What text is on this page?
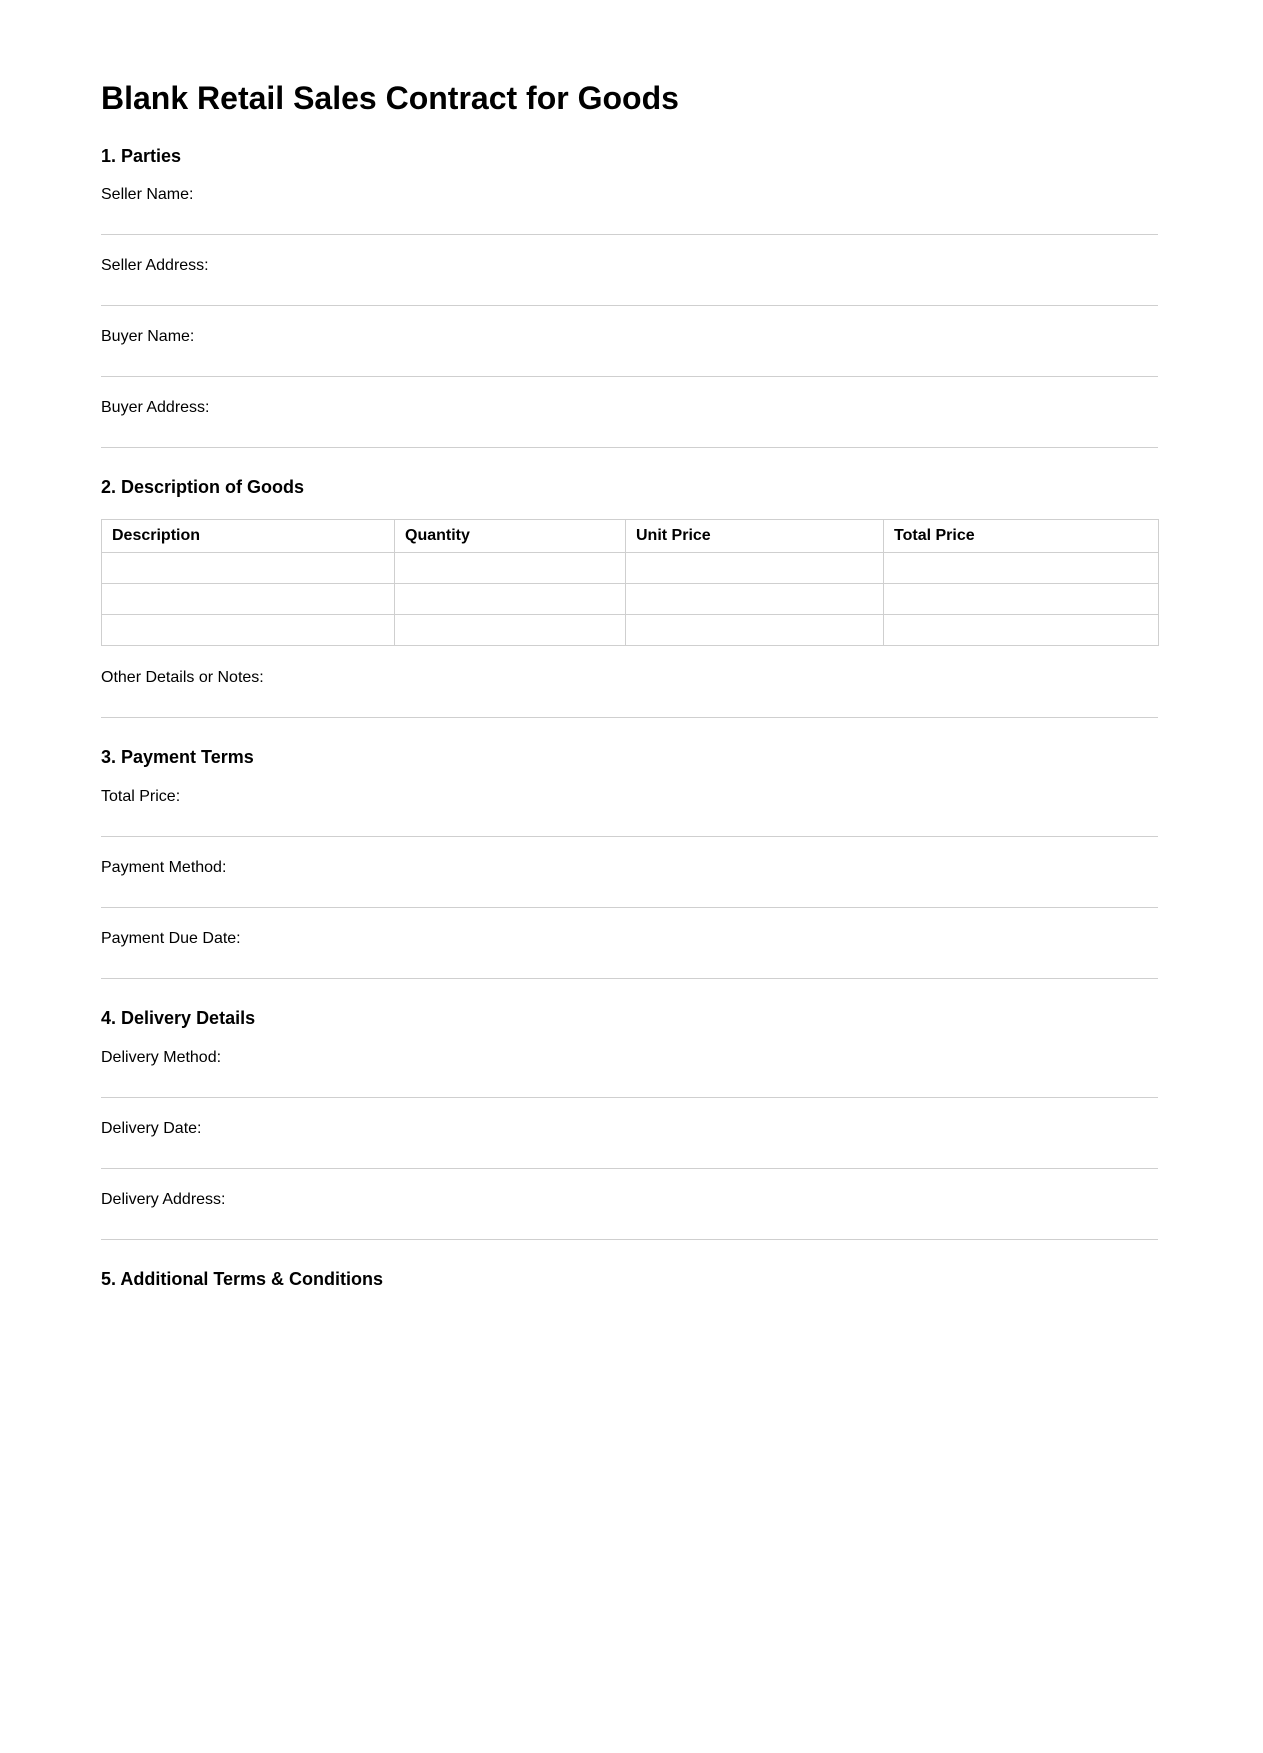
Blank Retail Sales Contract for Goods
1. Parties
Seller Name:
Seller Address:
Buyer Name:
Buyer Address:
2. Description of Goods
Description	Quantity	Unit Price	Total Price

Other Details or Notes:
3. Payment Terms
Total Price:
Payment Method:
Payment Due Date:
4. Delivery Details
Delivery Method:
Delivery Date:
Delivery Address:
5. Additional Terms & Conditions
